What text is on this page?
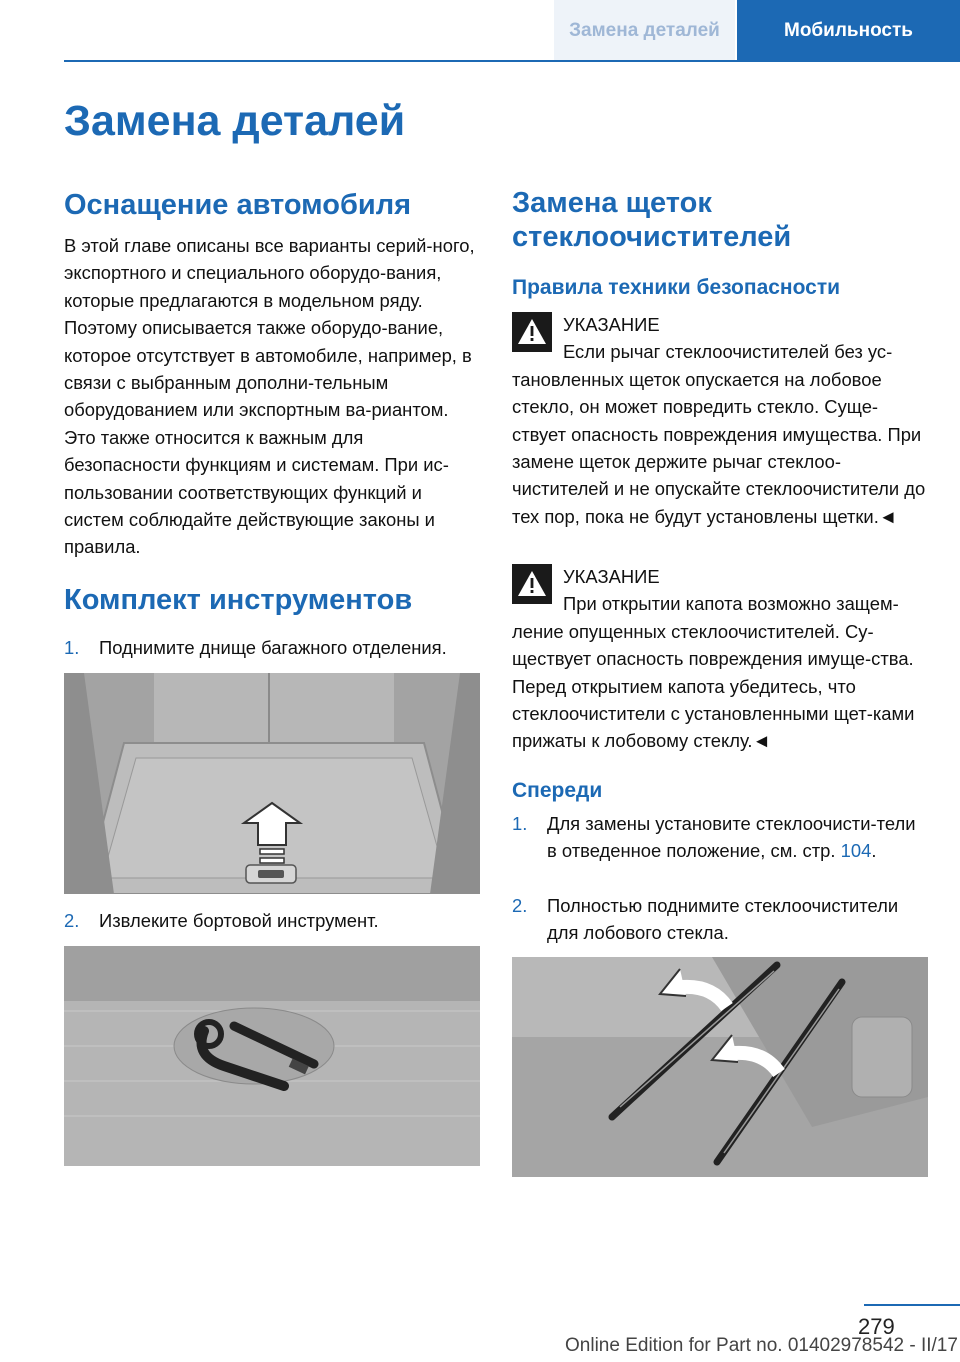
Замена деталей	Мобильность
Замена деталей
Оснащение автомобиля

В этой главе описаны все варианты серий-ного, экспортного и специального оборудо-вания, которые предлагаются в модельном ряду. Поэтому описывается также оборудо-вание, которое отсутствует в автомобиле, например, в связи с выбранным дополни-тельным оборудованием или экспортным ва-риантом. Это также относится к важным для безопасности функциям и системам. При ис-пользовании соответствующих функций и систем соблюдайте действующие законы и правила.

Комплект инструментов
1. Поднимите днище багажного отделения.
2. Извлеките бортовой инструмент.
Замена щеток
стеклоочистителей
Правила техники безопасности
УКАЗАНИЕ
Если рычаг стеклоочистителей без ус-тановленных щеток опускается на лобовое стекло, он может повредить стекло. Суще-ствует опасность повреждения имущества. При замене щеток держите рычаг стеклоо-чистителей и не опускайте стеклоочистители до тех пор, пока не будут установлены щетки.◄
УКАЗАНИЕ
При открытии капота возможно защем-ление опущенных стеклоочистителей. Су-ществует опасность повреждения имуще-ства. Перед открытием капота убедитесь, что стеклоочистители с установленными щет-ками прижаты к лобовому стеклу.◄
Спереди
1. Для замены установите стеклоочисти-тели в отведенное положение, см. стр. 104.
2. Полностью поднимите стеклоочистители для лобового стекла.
279
Online Edition for Part no. 01402978542 - II/17
